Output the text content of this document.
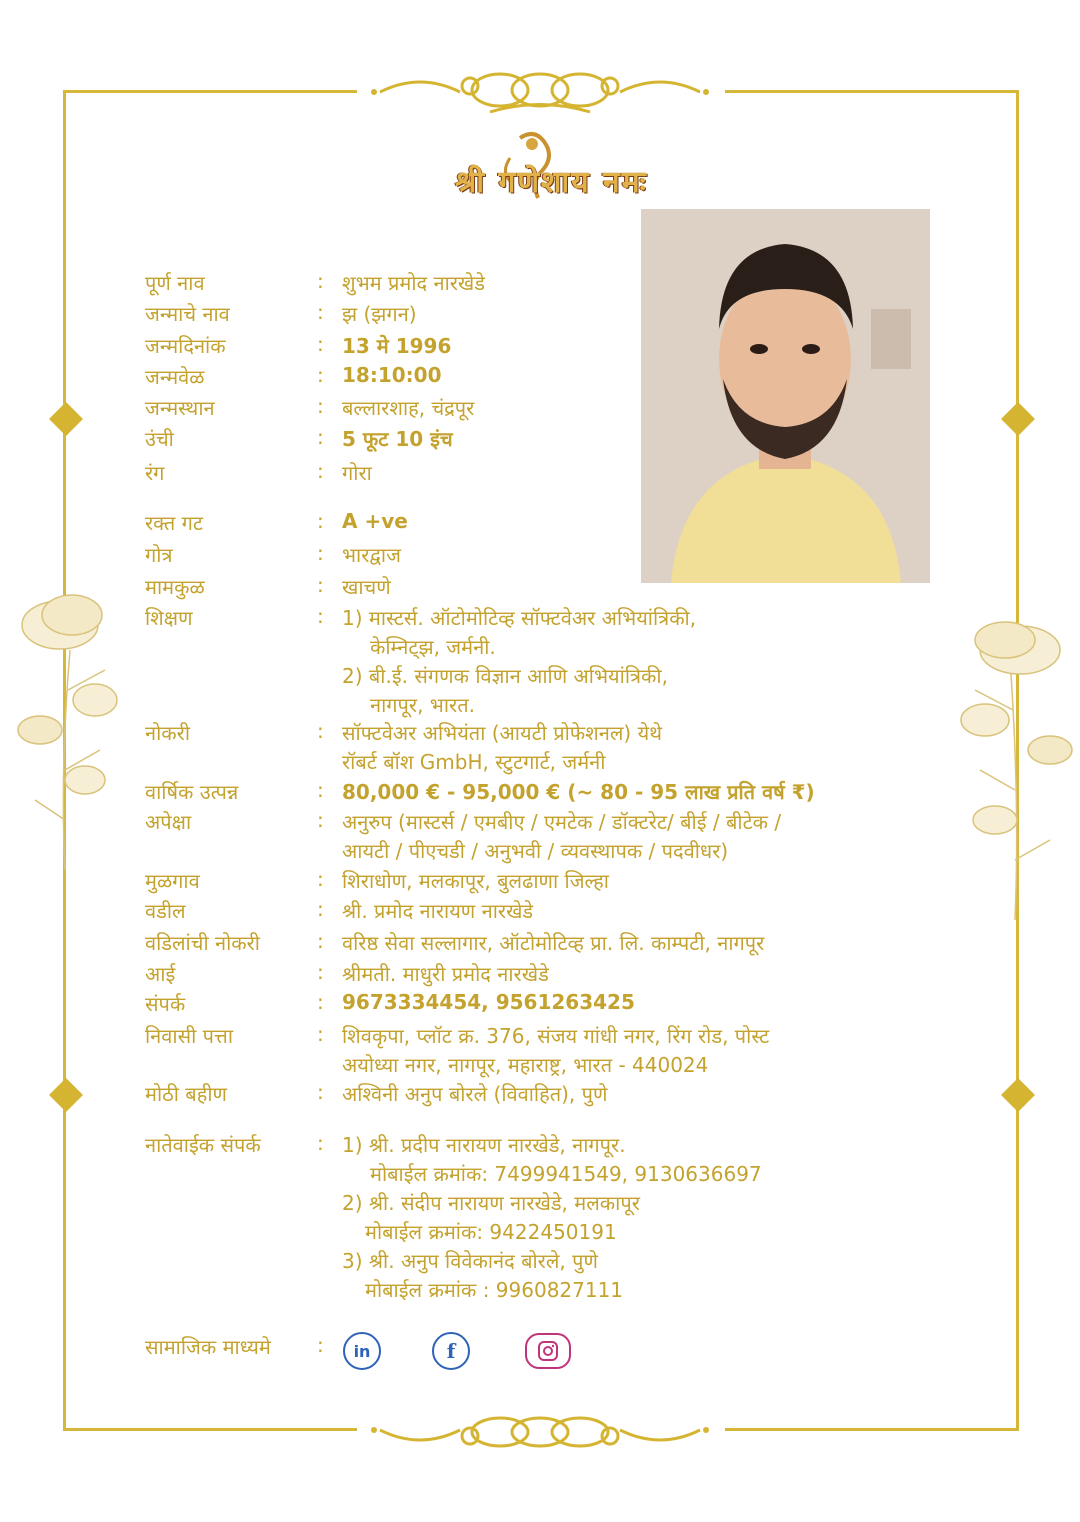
श्री गणेशाय नमः
पूर्ण नाव	: शुभम प्रमोद नारखेडे
जन्माचे नाव	: झ (झगन)
जन्मदिनांक	: 13 मे 1996
जन्मवेळ	: 18:10:00
जन्मस्थान	: बल्लारशाह, चंद्रपूर
उंची	: 5 फूट 10 इंच
रंग	: गोरा
रक्त गट	: A +ve
गोत्र	: भारद्वाज
मामकुळ	: खाचणे
शिक्षण	: 1) मास्टर्स. ऑटोमोटिव्ह सॉफ्टवेअर अभियांत्रिकी,
केम्निट्झ, जर्मनी.
2) बी.ई. संगणक विज्ञान आणि अभियांत्रिकी,
नागपूर, भारत.
नोकरी	: सॉफ्टवेअर अभियंता (आयटी प्रोफेशनल) येथे
रॉबर्ट बॉश GmbH, स्टुटगार्ट, जर्मनी
वार्षिक उत्पन्न	: 80,000 € - 95,000 € (~ 80 - 95 लाख प्रति वर्ष ₹)
अपेक्षा	: अनुरुप (मास्टर्स / एमबीए / एमटेक / डॉक्टरेट/ बीई / बीटेक /
आयटी / पीएचडी / अनुभवी / व्यवस्थापक / पदवीधर)
मुळगाव	: शिराधोण, मलकापूर, बुलढाणा जिल्हा
वडील	: श्री. प्रमोद नारायण नारखेडे
वडिलांची नोकरी	: वरिष्ठ सेवा सल्लागार, ऑटोमोटिव्ह प्रा. लि. काम्पटी, नागपूर
आई	: श्रीमती. माधुरी प्रमोद नारखेडे
संपर्क	: 9673334454, 9561263425
निवासी पत्ता	: शिवकृपा, प्लॉट क्र. 376, संजय गांधी नगर, रिंग रोड, पोस्ट
अयोध्या नगर, नागपूर, महाराष्ट्र, भारत - 440024
मोठी बहीण	: अश्विनी अनुप बोरले (विवाहित), पुणे
नातेवाईक संपर्क	: 1) श्री. प्रदीप नारायण नारखेडे, नागपूर.
मोबाईल क्रमांक: 7499941549, 9130636697
2) श्री. संदीप नारायण नारखेडे, मलकापूर
मोबाईल क्रमांक: 9422450191
3) श्री. अनुप विवेकानंद बोरले, पुणे
मोबाईल क्रमांक : 9960827111
सामाजिक माध्यमे : in	f
